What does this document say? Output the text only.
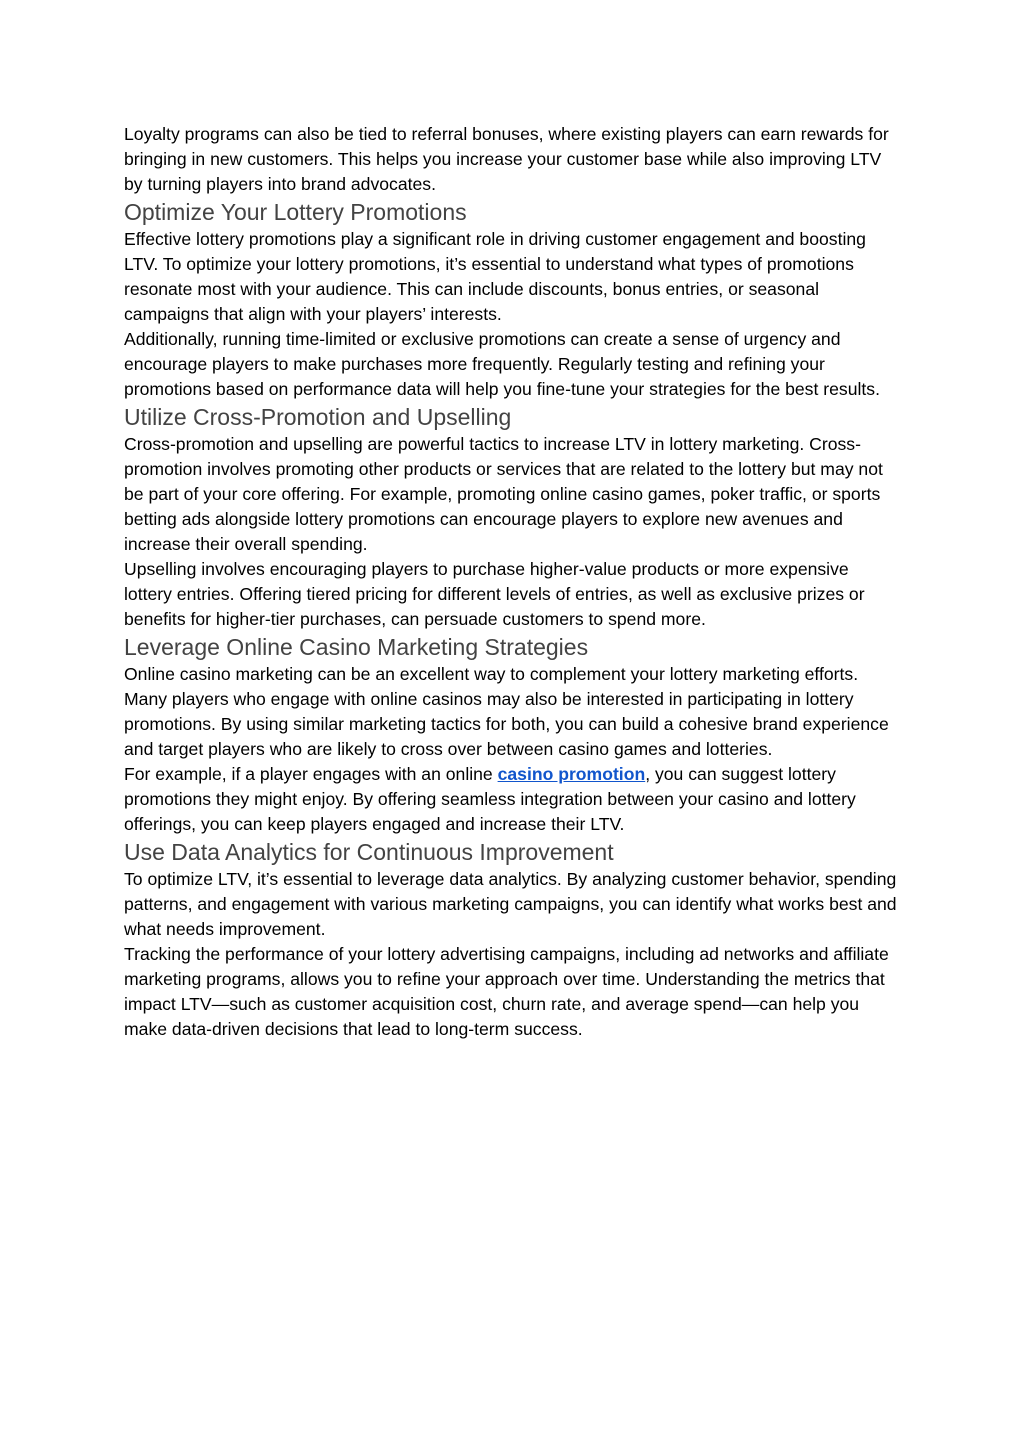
Loyalty programs can also be tied to referral bonuses, where existing players can earn rewards for bringing in new customers. This helps you increase your customer base while also improving LTV by turning players into brand advocates.

Optimize Your Lottery Promotions

Effective lottery promotions play a significant role in driving customer engagement and boosting LTV. To optimize your lottery promotions, it’s essential to understand what types of promotions resonate most with your audience. This can include discounts, bonus entries, or seasonal campaigns that align with your players’ interests.

Additionally, running time-limited or exclusive promotions can create a sense of urgency and encourage players to make purchases more frequently. Regularly testing and refining your promotions based on performance data will help you fine-tune your strategies for the best results.

Utilize Cross-Promotion and Upselling

Cross-promotion and upselling are powerful tactics to increase LTV in lottery marketing. Cross-promotion involves promoting other products or services that are related to the lottery but may not be part of your core offering. For example, promoting online casino games, poker traffic, or sports betting ads alongside lottery promotions can encourage players to explore new avenues and increase their overall spending.

Upselling involves encouraging players to purchase higher-value products or more expensive lottery entries. Offering tiered pricing for different levels of entries, as well as exclusive prizes or benefits for higher-tier purchases, can persuade customers to spend more.

Leverage Online Casino Marketing Strategies

Online casino marketing can be an excellent way to complement your lottery marketing efforts. Many players who engage with online casinos may also be interested in participating in lottery promotions. By using similar marketing tactics for both, you can build a cohesive brand experience and target players who are likely to cross over between casino games and lotteries.

For example, if a player engages with an online casino promotion, you can suggest lottery promotions they might enjoy. By offering seamless integration between your casino and lottery offerings, you can keep players engaged and increase their LTV.

Use Data Analytics for Continuous Improvement

To optimize LTV, it’s essential to leverage data analytics. By analyzing customer behavior, spending patterns, and engagement with various marketing campaigns, you can identify what works best and what needs improvement.

Tracking the performance of your lottery advertising campaigns, including ad networks and affiliate marketing programs, allows you to refine your approach over time. Understanding the metrics that impact LTV—such as customer acquisition cost, churn rate, and average spend—can help you make data-driven decisions that lead to long-term success.
